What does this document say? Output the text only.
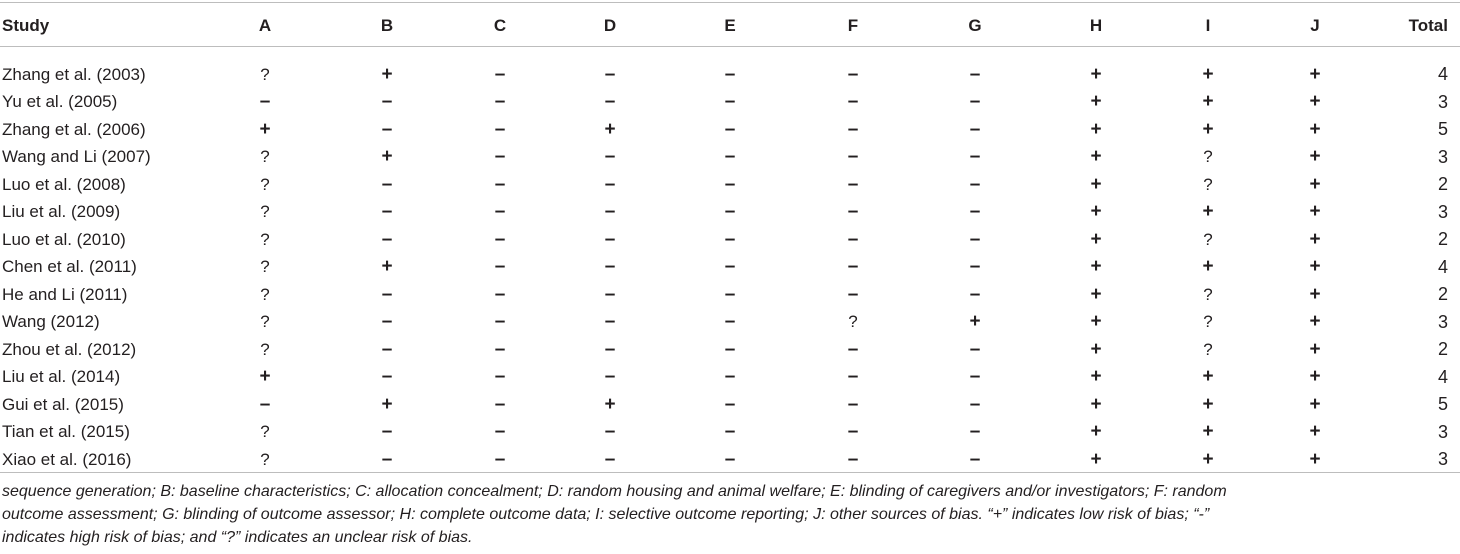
Study	A	B	C	D	E	F	G	H	I	J	Total
Zhang et al. (2003)	?	+	–	–	–	–	–	+	+	+	4
Yu et al. (2005)	–	–	–	–	–	–	–	+	+	+	3
Zhang et al. (2006)	+	–	–	+	–	–	–	+	+	+	5
Wang and Li (2007)	?	+	–	–	–	–	–	+	?	+	3
Luo et al. (2008)	?	–	–	–	–	–	–	+	?	+	2
Liu et al. (2009)	?	–	–	–	–	–	–	+	+	+	3
Luo et al. (2010)	?	–	–	–	–	–	–	+	?	+	2
Chen et al. (2011)	?	+	–	–	–	–	–	+	+	+	4
He and Li (2011)	?	–	–	–	–	–	–	+	?	+	2
Wang (2012)	?	–	–	–	–	?	+	+	?	+	3
Zhou et al. (2012)	?	–	–	–	–	–	–	+	?	+	2
Liu et al. (2014)	+	–	–	–	–	–	–	+	+	+	4
Gui et al. (2015)	–	+	–	+	–	–	–	+	+	+	5
Tian et al. (2015)	?	–	–	–	–	–	–	+	+	+	3
Xiao et al. (2016)	?	–	–	–	–	–	–	+	+	+	3
sequence generation; B: baseline characteristics; C: allocation concealment; D: random housing and animal welfare; E: blinding of caregivers and/or investigators; F: random
outcome assessment; G: blinding of outcome assessor; H: complete outcome data; I: selective outcome reporting; J: other sources of bias. “+” indicates low risk of bias; “-”
indicates high risk of bias; and “?” indicates an unclear risk of bias.
